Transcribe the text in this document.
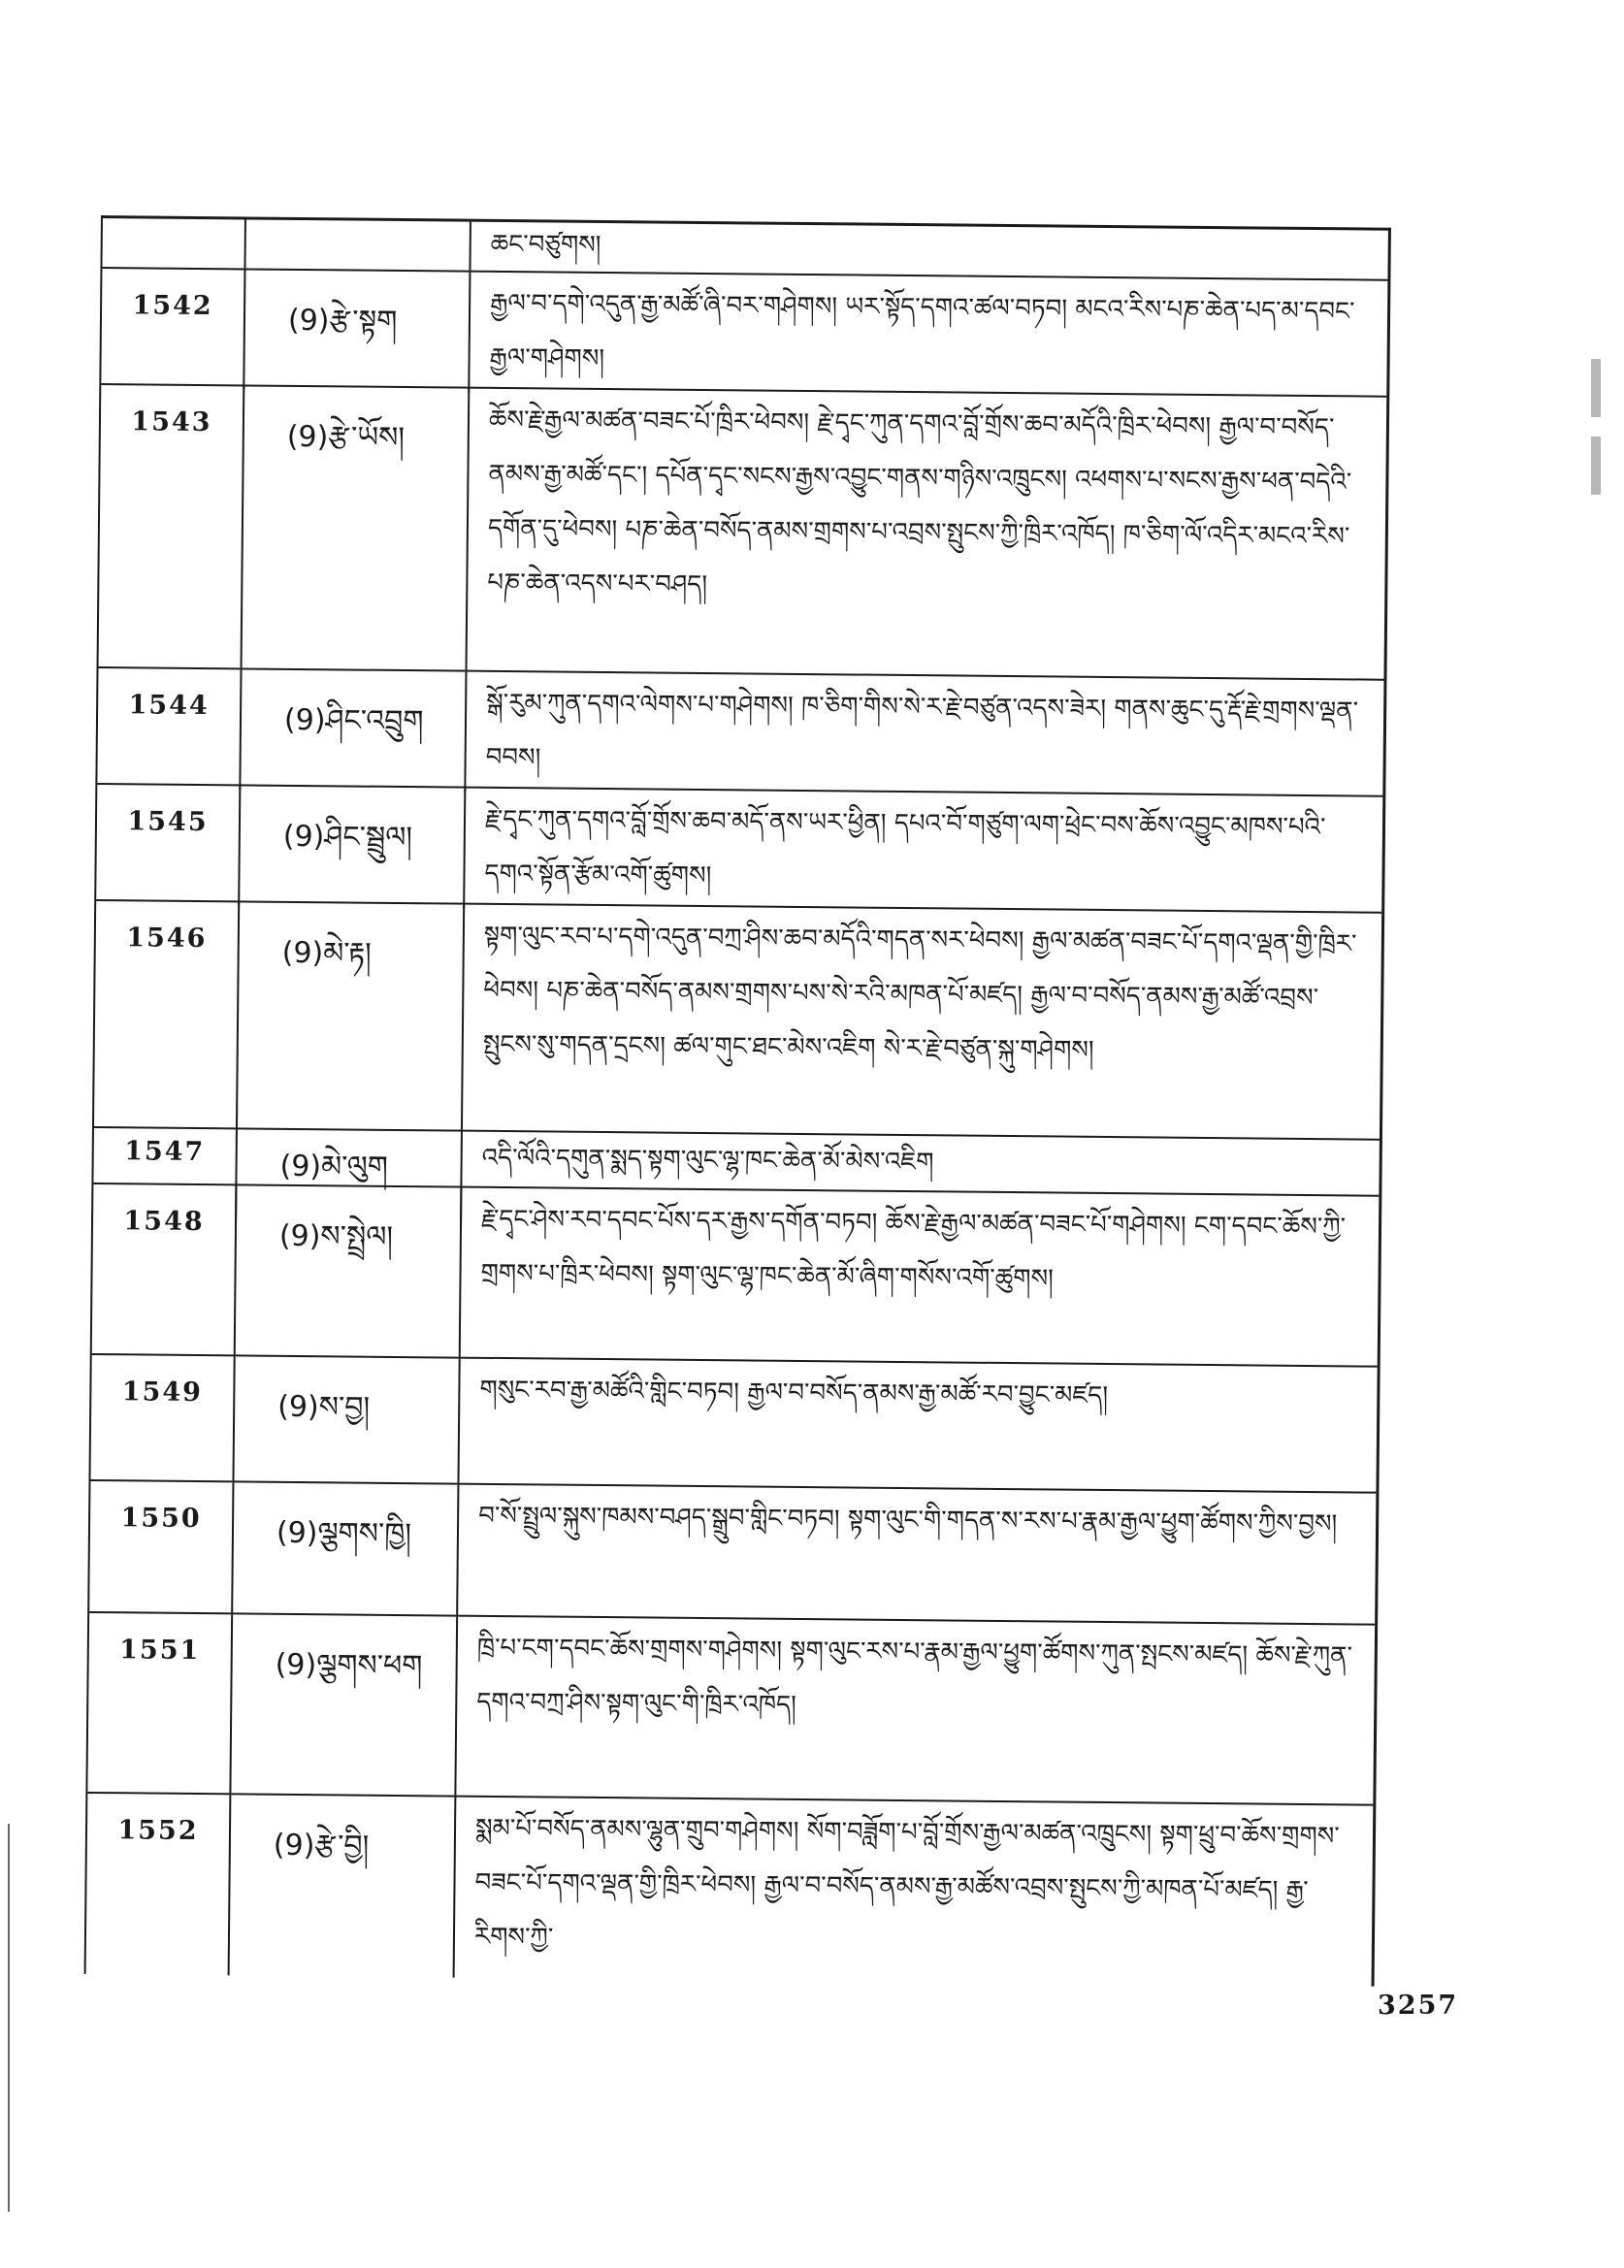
ཆང་བཙུགས།
1542	(9)རྩེ་སྟག	རྒྱལ་བ་དགེ་འདུན་རྒྱ་མཚོ་ཞི་བར་གཤེགས། ཡར་སྟོད་དགའ་ཚལ་བཏབ། མངའ་རིས་པཎ་ཆེན་པད་མ་དབང་རྒྱལ་གཤེགས།
1543	(9)རྩེ་ཡོས།	ཆོས་རྗེ་རྒྱལ་མཚན་བཟང་པོ་ཁྲིར་ཕེབས། རྗེ་དྭང་ཀུན་དགའ་བློ་གྲོས་ཆབ་མདོའི་ཁྲིར་ཕེབས། རྒྱལ་བ་བསོད་ནམས་རྒྱ་མཚོ་དང་། དཔོན་དྭང་སངས་རྒྱས་འབྱུང་གནས་གཉིས་འཁྲུངས། འཕགས་པ་སངས་རྒྱས་ཕན་བདེའི་དགོན་དུ་ཕེབས། པཎ་ཆེན་བསོད་ནམས་གྲགས་པ་འབྲས་སྤུངས་ཀྱི་ཁྲིར་འཁོད། ཁ་ཅིག་ལོ་འདིར་མངའ་རིས་པཎ་ཆེན་འདས་པར་བཤད།
1544	(9)ཤིང་འབྲུག	སྒོ་རུམ་ཀུན་དགའ་ལེགས་པ་གཤེགས། ཁ་ཅིག་གིས་སེ་ར་རྗེ་བཙུན་འདས་ཟེར། གནས་ཆུང་དུ་རྡོ་རྗེ་གྲགས་ལྡན་བབས།
1545	(9)ཤིང་སྦྲུལ།	རྗེ་དྭང་ཀུན་དགའ་བློ་གྲོས་ཆབ་མདོ་ནས་ཡར་ཕྱིན། དཔའ་བོ་གཙུག་ལག་ཕྲེང་བས་ཆོས་འབྱུང་མཁས་པའི་དགའ་སྟོན་རྩོམ་འགོ་ཚུགས།
1546	(9)མེ་རྟ།	སྟག་ལུང་རབ་པ་དགེ་འདུན་བཀྲ་ཤིས་ཆབ་མདོའི་གདན་སར་ཕེབས། རྒྱལ་མཚན་བཟང་པོ་དགའ་ལྡན་གྱི་ཁྲིར་ཕེབས། པཎ་ཆེན་བསོད་ནམས་གྲགས་པས་སེ་རའི་མཁན་པོ་མཛད། རྒྱལ་བ་བསོད་ནམས་རྒྱ་མཚོ་འབྲས་སྤུངས་སུ་གདན་དྲངས། ཚལ་གུང་ཐང་མེས་འཇིག སེ་ར་རྗེ་བཙུན་སྐུ་གཤེགས།
1547	(9)མེ་ལུག	འདི་ལོའི་དགུན་སྨད་སྟག་ལུང་ལྷ་ཁང་ཆེན་མོ་མེས་འཇིག
1548	(9)ས་སྤྲེལ།	རྗེ་དྭང་ཤེས་རབ་དབང་པོས་དར་རྒྱས་དགོན་བཏབ། ཆོས་རྗེ་རྒྱལ་མཚན་བཟང་པོ་གཤེགས། ངག་དབང་ཆོས་ཀྱི་གྲགས་པ་ཁྲིར་ཕེབས། སྟག་ལུང་ལྷ་ཁང་ཆེན་མོ་ཞིག་གསོས་འགོ་ཚུགས།
1549	(9)ས་བྱ།	གསུང་རབ་རྒྱ་མཚོའི་གླིང་བཏབ། རྒྱལ་བ་བསོད་ནམས་རྒྱ་མཚོ་རབ་བྱུང་མཛད།
1550	(9)ལྕགས་ཁྱི།	བ་སོ་སྤྲུལ་སྐུས་ཁམས་བཤད་སྒྲུབ་གླིང་བཏབ། སྟག་ལུང་གི་གདན་ས་རས་པ་རྣམ་རྒྱལ་ཕྱུག་ཚོགས་ཀྱིས་བྱས།
1551	(9)ལྕགས་ཕག	ཁྲི་པ་ངག་དབང་ཆོས་གྲགས་གཤེགས། སྟག་ལུང་རས་པ་རྣམ་རྒྱལ་ཕྱུག་ཚོགས་ཀུན་སྤངས་མཛད། ཆོས་རྗེ་ཀུན་དགའ་བཀྲ་ཤིས་སྟག་ལུང་གི་ཁྲིར་འཁོད།
1552	(9)རྩེ་བྱི།	སྨམ་པོ་བསོད་ནམས་ལྷུན་གྲུབ་གཤེགས། སོག་བཟློག་པ་བློ་གྲོས་རྒྱལ་མཚན་འཁྲུངས། སྟག་ཕྲུ་བ་ཆོས་གྲགས་བཟང་པོ་དགའ་ལྡན་གྱི་ཁྲིར་ཕེབས། རྒྱལ་བ་བསོད་ནམས་རྒྱ་མཚོས་འབྲས་སྤུངས་ཀྱི་མཁན་པོ་མཛད། རྒྱ་རིགས་ཀྱི་
3257
